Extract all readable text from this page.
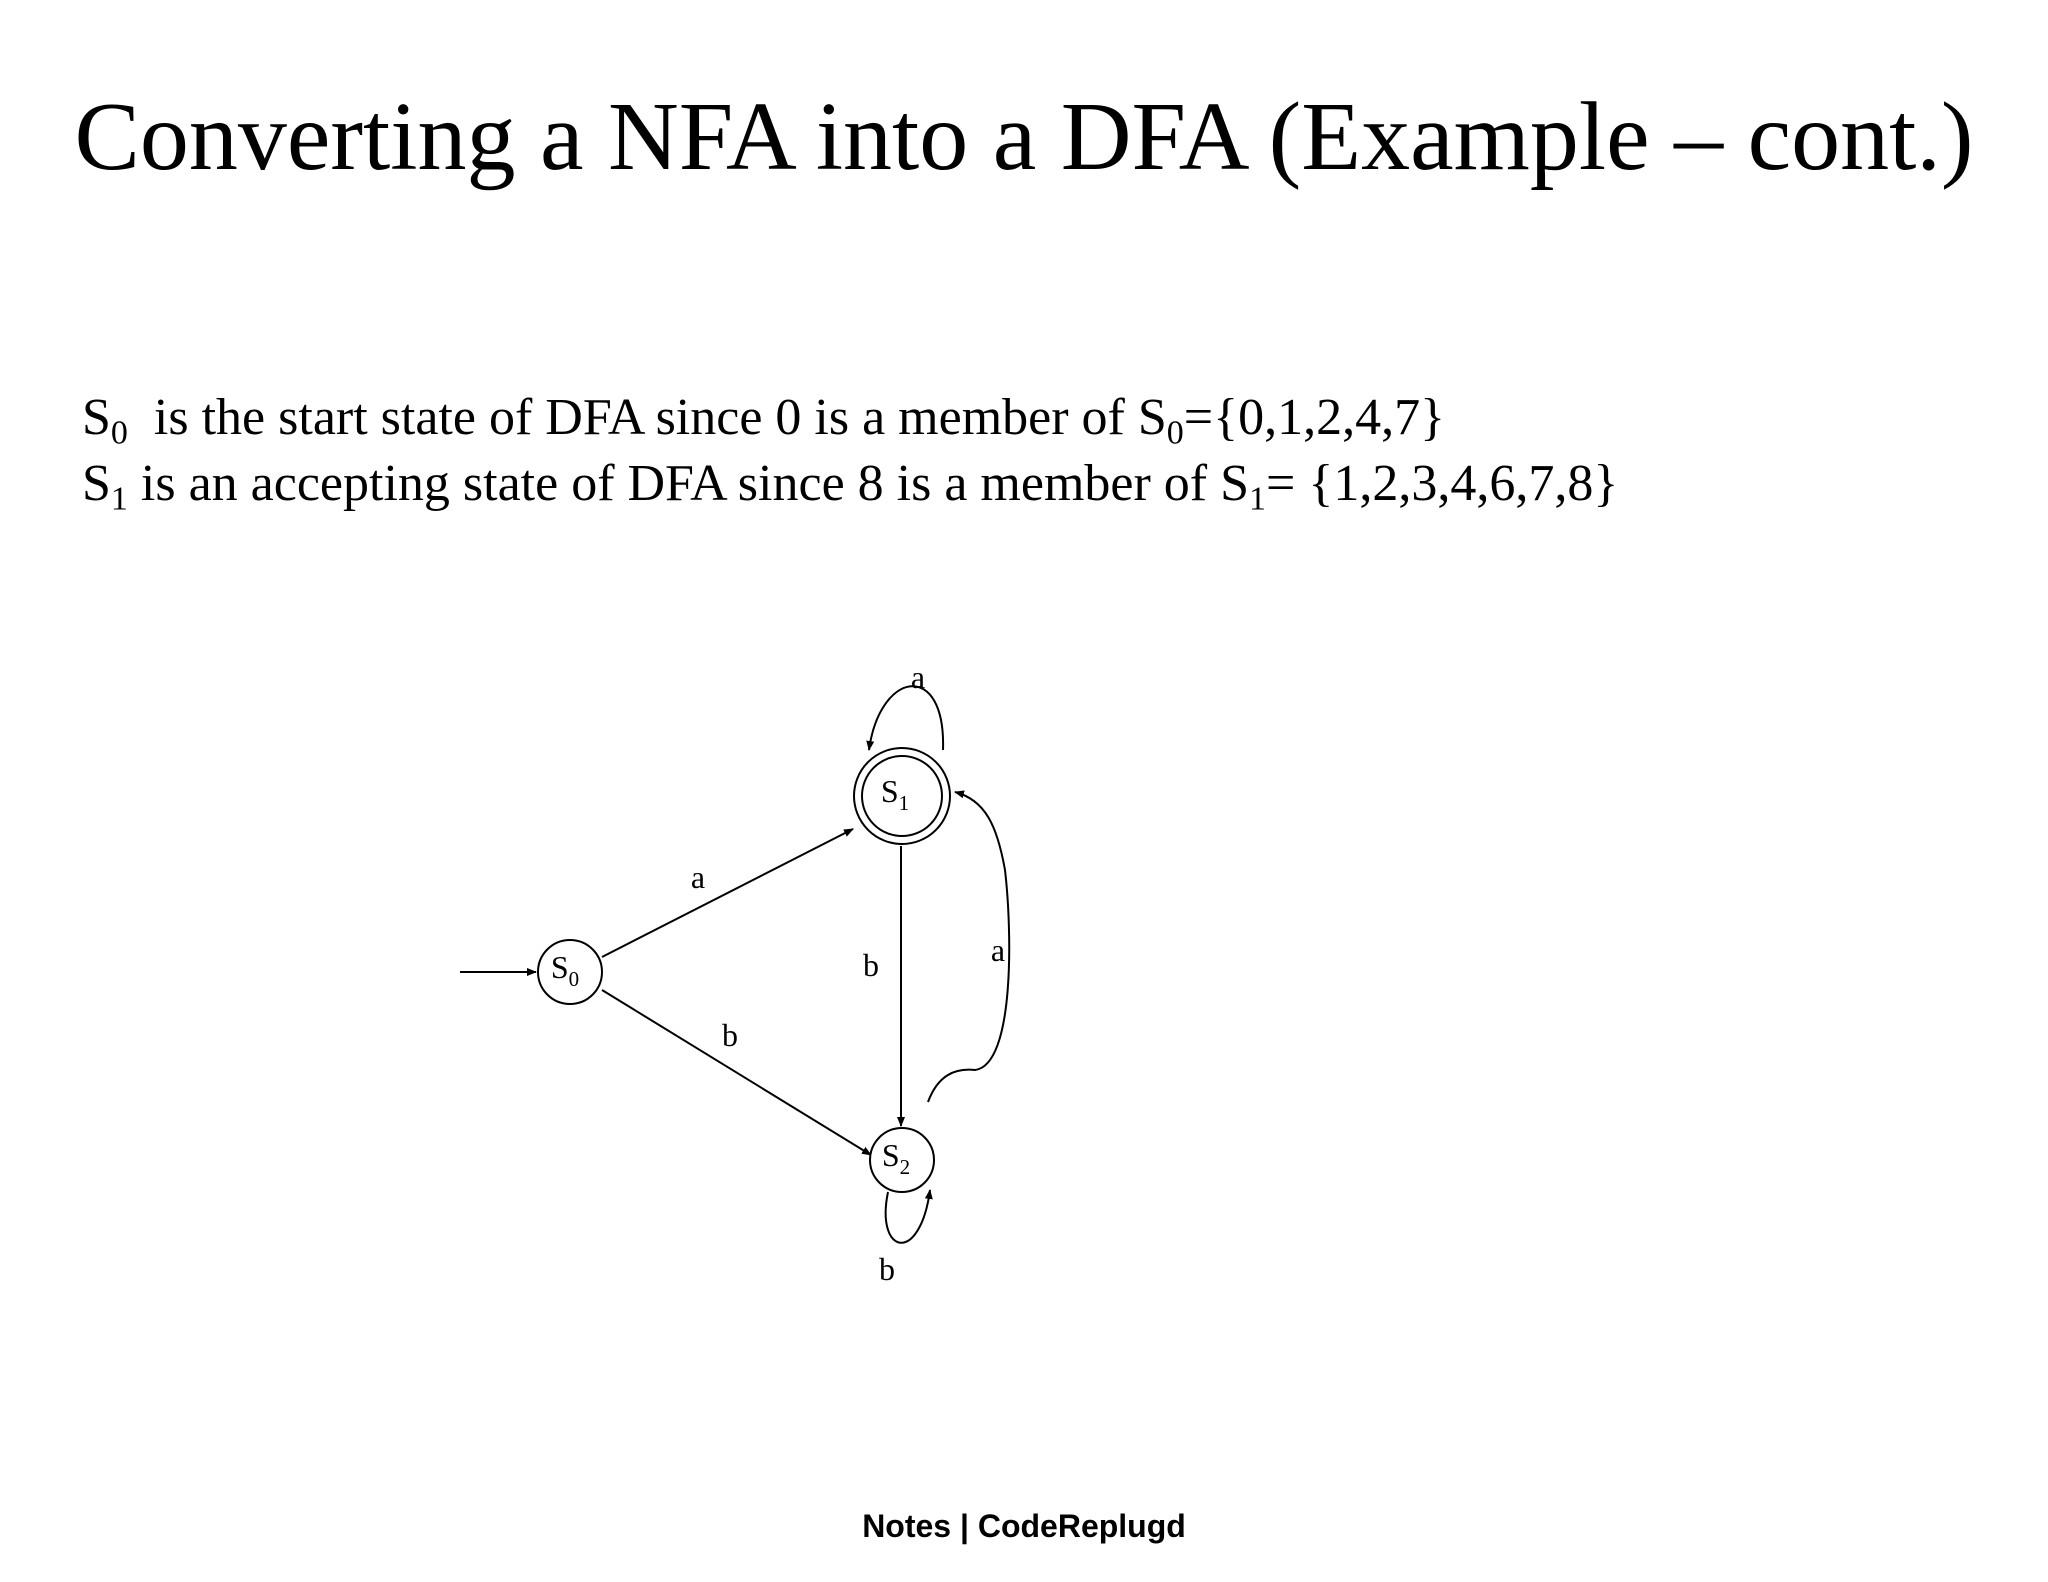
Converting a NFA into a DFA (Example – cont.)
$S_0$ is the start state of DFA since 0 is a member of $S_0=\{0,1,2,4,7\}$
$S_1$ is an accepting state of DFA since 8 is a member of $S_1= \{1,2,3,4,6,7,8\}$
$S_0$
$S_1$
$S_2$
a
b
a
b	a
b
Notes | CodeReplugd
